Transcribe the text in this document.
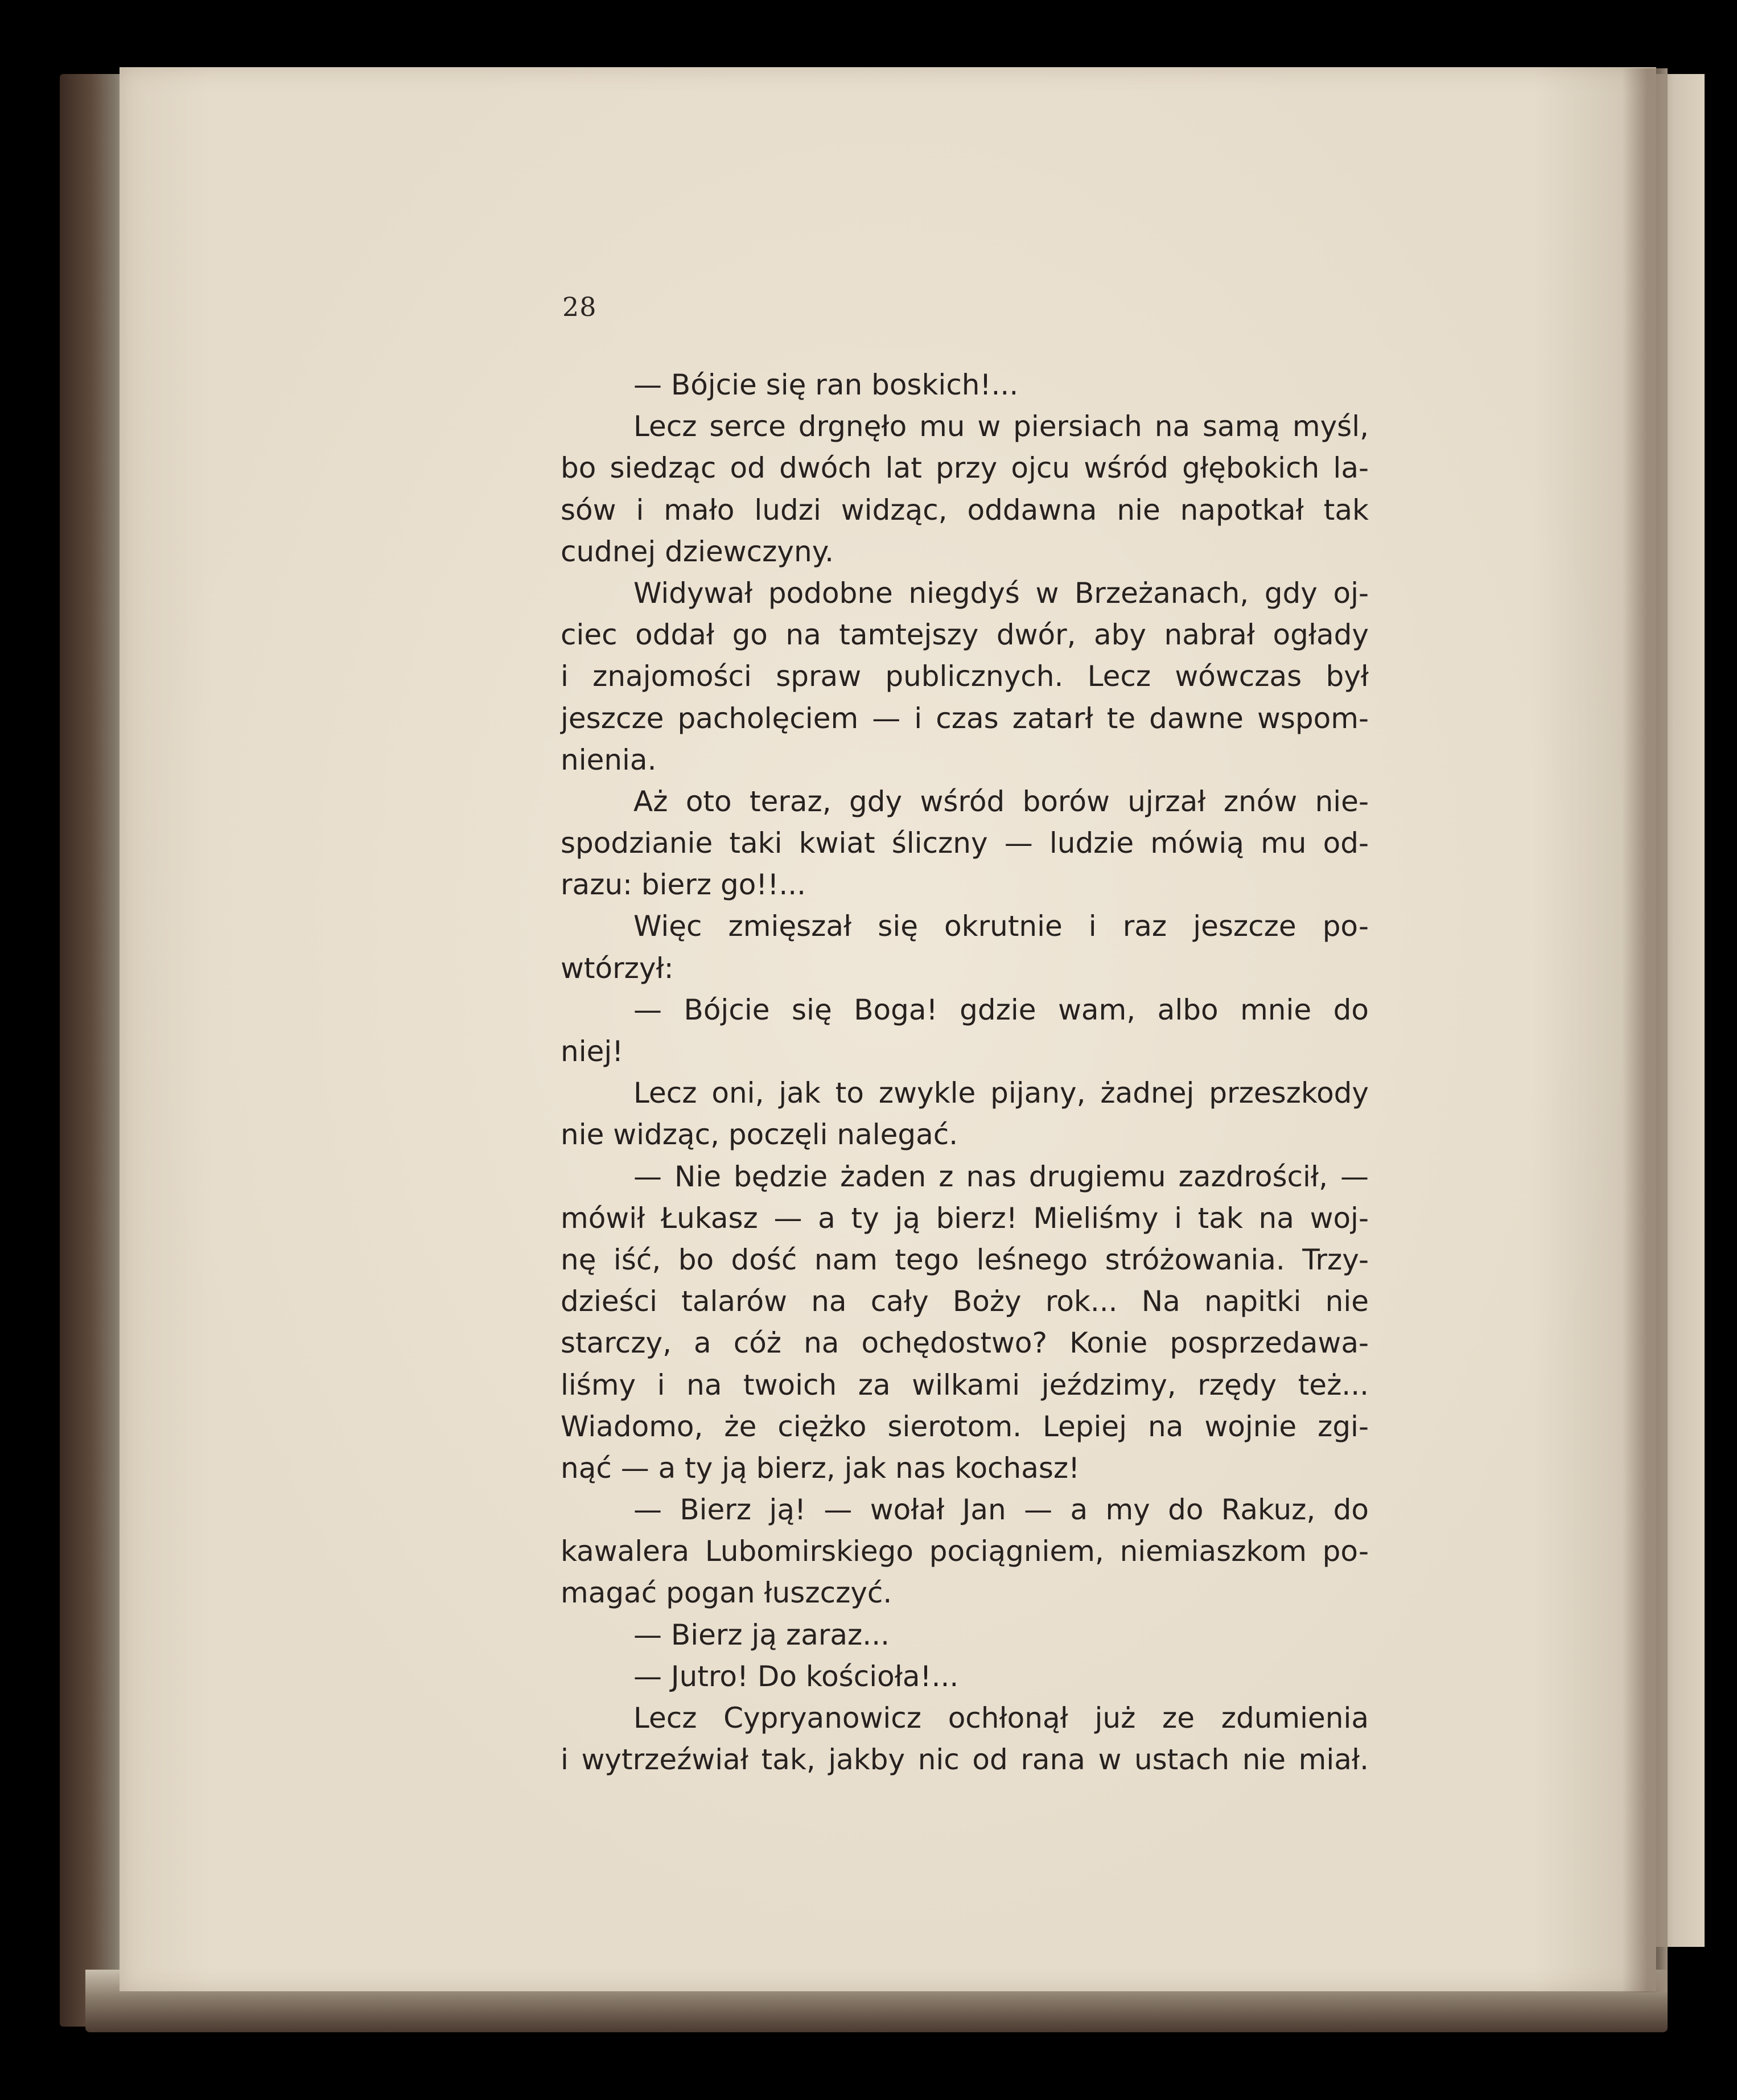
28
— Bójcie się ran boskich!...
Lecz serce drgnęło mu w piersiach na samą myśl,
bo siedząc od dwóch lat przy ojcu wśród głębokich la-
sów i mało ludzi widząc, oddawna nie napotkał tak
cudnej dziewczyny.
Widywał podobne niegdyś w Brzeżanach, gdy oj-
ciec oddał go na tamtejszy dwór, aby nabrał ogłady
i znajomości spraw publicznych. Lecz wówczas był
jeszcze pacholęciem — i czas zatarł te dawne wspom-
nienia.
Aż oto teraz, gdy wśród borów ujrzał znów nie-
spodzianie taki kwiat śliczny — ludzie mówią mu od-
razu: bierz go!!...
Więc zmięszał się okrutnie i raz jeszcze po-
wtórzył:
— Bójcie się Boga! gdzie wam, albo mnie do
niej!
Lecz oni, jak to zwykle pijany, żadnej przeszkody
nie widząc, poczęli nalegać.
— Nie będzie żaden z nas drugiemu zazdrościł, —
mówił Łukasz — a ty ją bierz! Mieliśmy i tak na woj-
nę iść, bo dość nam tego leśnego stróżowania. Trzy-
dzieści talarów na cały Boży rok... Na napitki nie
starczy, a cóż na ochędostwo? Konie posprzedawa-
liśmy i na twoich za wilkami jeździmy, rzędy też...
Wiadomo, że ciężko sierotom. Lepiej na wojnie zgi-
nąć — a ty ją bierz, jak nas kochasz!
— Bierz ją! — wołał Jan — a my do Rakuz, do
kawalera Lubomirskiego pociągniem, niemiaszkom po-
magać pogan łuszczyć.
— Bierz ją zaraz...
— Jutro! Do kościoła!...
Lecz Cypryanowicz ochłonął już ze zdumienia
i wytrzeźwiał tak, jakby nic od rana w ustach nie miał.
